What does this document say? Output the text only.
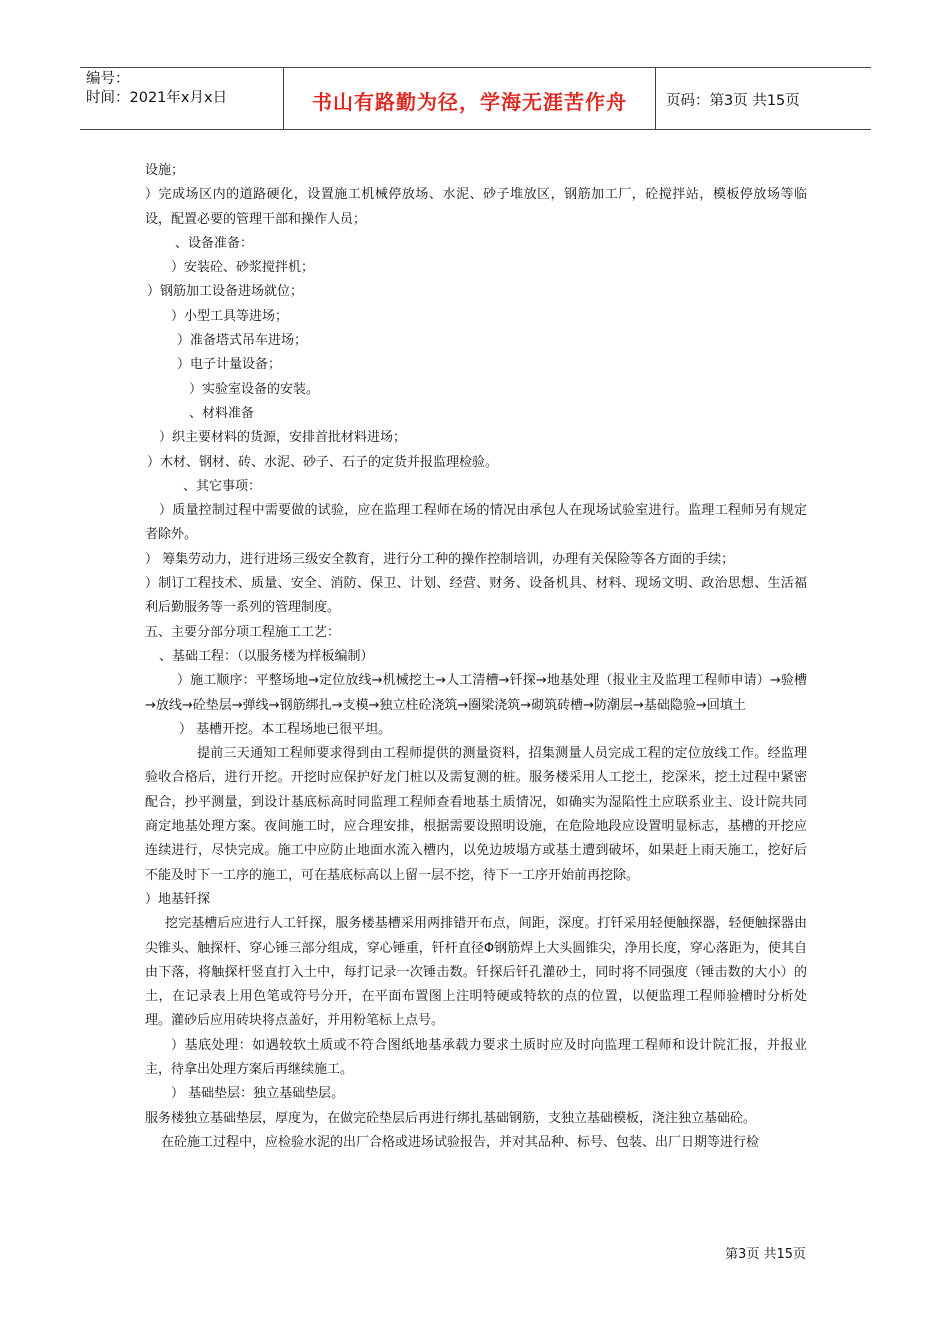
编号：
时间：2021年x月x日	书山有路勤为径，学海无涯苦作舟	页码：第3页 共15页

设施；

）完成场区内的道路硬化，设置施工机械停放场、水泥、砂子堆放区，钢筋加工厂，砼搅拌站，模板停放场等临设，配置必要的管理干部和操作人员；

、设备准备：

）安装砼、砂浆搅拌机；

）钢筋加工设备进场就位；

）小型工具等进场；

）准备塔式吊车进场；

）电子计量设备；

）实验室设备的安装。

、材料准备

）织主要材料的货源，安排首批材料进场；

）木材、钢材、砖、水泥、砂子、石子的定货并报监理检验。

、其它事项：

）质量控制过程中需要做的试验，应在监理工程师在场的情况由承包人在现场试验室进行。监理工程师另有规定者除外。

） 筹集劳动力，进行进场三级安全教育，进行分工种的操作控制培训，办理有关保险等各方面的手续；

）制订工程技术、质量、安全、消防、保卫、计划、经营、财务、设备机具、材料、现场文明、政治思想、生活福利后勤服务等一系列的管理制度。

五、主要分部分项工程施工工艺：

、基础工程：（以服务楼为样板编制）

）施工顺序：平整场地→定位放线→机械挖土→人工清槽→钎探→地基处理（报业主及监理工程师申请）→验槽→放线→砼垫层→弹线→钢筋绑扎→支模→独立柱砼浇筑→圈梁浇筑→砌筑砖槽→防潮层→基础隐验→回填土

） 基槽开挖。本工程场地已很平坦。

提前三天通知工程师要求得到由工程师提供的测量资料，招集测量人员完成工程的定位放线工作。经监理验收合格后，进行开挖。开挖时应保护好龙门桩以及需复测的桩。服务楼采用人工挖土，挖深米，挖土过程中紧密配合，抄平测量，到设计基底标高时同监理工程师查看地基土质情况，如确实为湿陷性土应联系业主、设计院共同商定地基处理方案。夜间施工时，应合理安排，根据需要设照明设施，在危险地段应设置明显标志，基槽的开挖应连续进行，尽快完成。施工中应防止地面水流入槽内，以免边坡塌方或基土遭到破坏，如果赶上雨天施工，挖好后不能及时下一工序的施工，可在基底标高以上留一层不挖，待下一工序开始前再挖除。

）地基钎探

挖完基槽后应进行人工钎探，服务楼基槽采用两排错开布点，间距，深度。打钎采用轻便触探器，轻便触探器由尖锥头、触探杆、穿心锤三部分组成，穿心锤重，钎杆直径Φ钢筋焊上大头圆锥尖，净用长度，穿心落距为，使其自由下落，将触探杆竖直打入土中，每打记录一次锤击数。钎探后钎孔灌砂土，同时将不同强度（锤击数的大小）的土，在记录表上用色笔或符号分开，在平面布置图上注明特硬或特软的点的位置，以便监理工程师验槽时分析处理。灌砂后应用砖块将点盖好，并用粉笔标上点号。

）基底处理：如遇较软土质或不符合图纸地基承载力要求土质时应及时向监理工程师和设计院汇报，并报业主，待拿出处理方案后再继续施工。

） 基础垫层：独立基础垫层。

服务楼独立基础垫层，厚度为，在做完砼垫层后再进行绑扎基础钢筋，支独立基础模板，浇注独立基础砼。

在砼施工过程中，应检验水泥的出厂合格或进场试验报告，并对其品种、标号、包装、出厂日期等进行检

第3页 共15页
